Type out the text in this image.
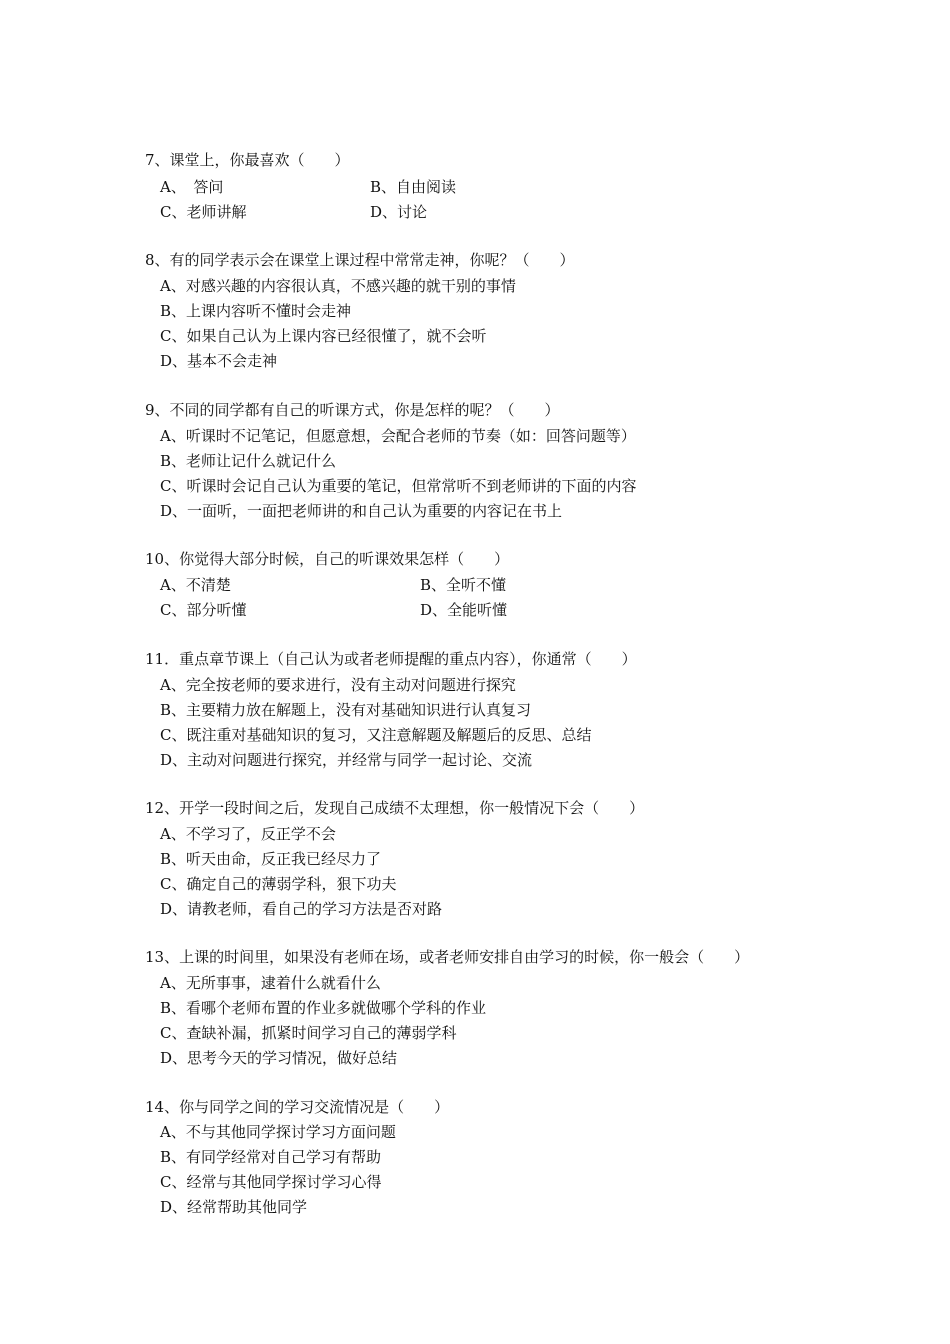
7、课堂上，你最喜欢（　　）
A、　答问	B、自由阅读
C、老师讲解	D、讨论
8、有的同学表示会在课堂上课过程中常常走神，你呢？（　　）
A、对感兴趣的内容很认真，不感兴趣的就干别的事情
B、上课内容听不懂时会走神
C、如果自己认为上课内容已经很懂了，就不会听
D、基本不会走神
9、不同的同学都有自己的听课方式，你是怎样的呢？（　　）
A、听课时不记笔记，但愿意想，会配合老师的节奏（如：回答问题等）
B、老师让记什么就记什么
C、听课时会记自己认为重要的笔记，但常常听不到老师讲的下面的内容
D、一面听，一面把老师讲的和自己认为重要的内容记在书上
10、你觉得大部分时候，自己的听课效果怎样（　　）
A、不清楚	B、全听不懂
C、部分听懂	D、全能听懂
11．重点章节课上（自己认为或者老师提醒的重点内容），你通常（　　）
A、完全按老师的要求进行，没有主动对问题进行探究
B、主要精力放在解题上，没有对基础知识进行认真复习
C、既注重对基础知识的复习，又注意解题及解题后的反思、总结
D、主动对问题进行探究，并经常与同学一起讨论、交流
12、开学一段时间之后，发现自己成绩不太理想，你一般情况下会（　　）
A、不学习了，反正学不会
B、听天由命，反正我已经尽力了
C、确定自己的薄弱学科，狠下功夫
D、请教老师，看自己的学习方法是否对路
13、上课的时间里，如果没有老师在场，或者老师安排自由学习的时候，你一般会（　　）
A、无所事事，逮着什么就看什么
B、看哪个老师布置的作业多就做哪个学科的作业
C、查缺补漏，抓紧时间学习自己的薄弱学科
D、思考今天的学习情况，做好总结
14、你与同学之间的学习交流情况是（　　）
A、不与其他同学探讨学习方面问题
B、有同学经常对自己学习有帮助
C、经常与其他同学探讨学习心得
D、经常帮助其他同学
